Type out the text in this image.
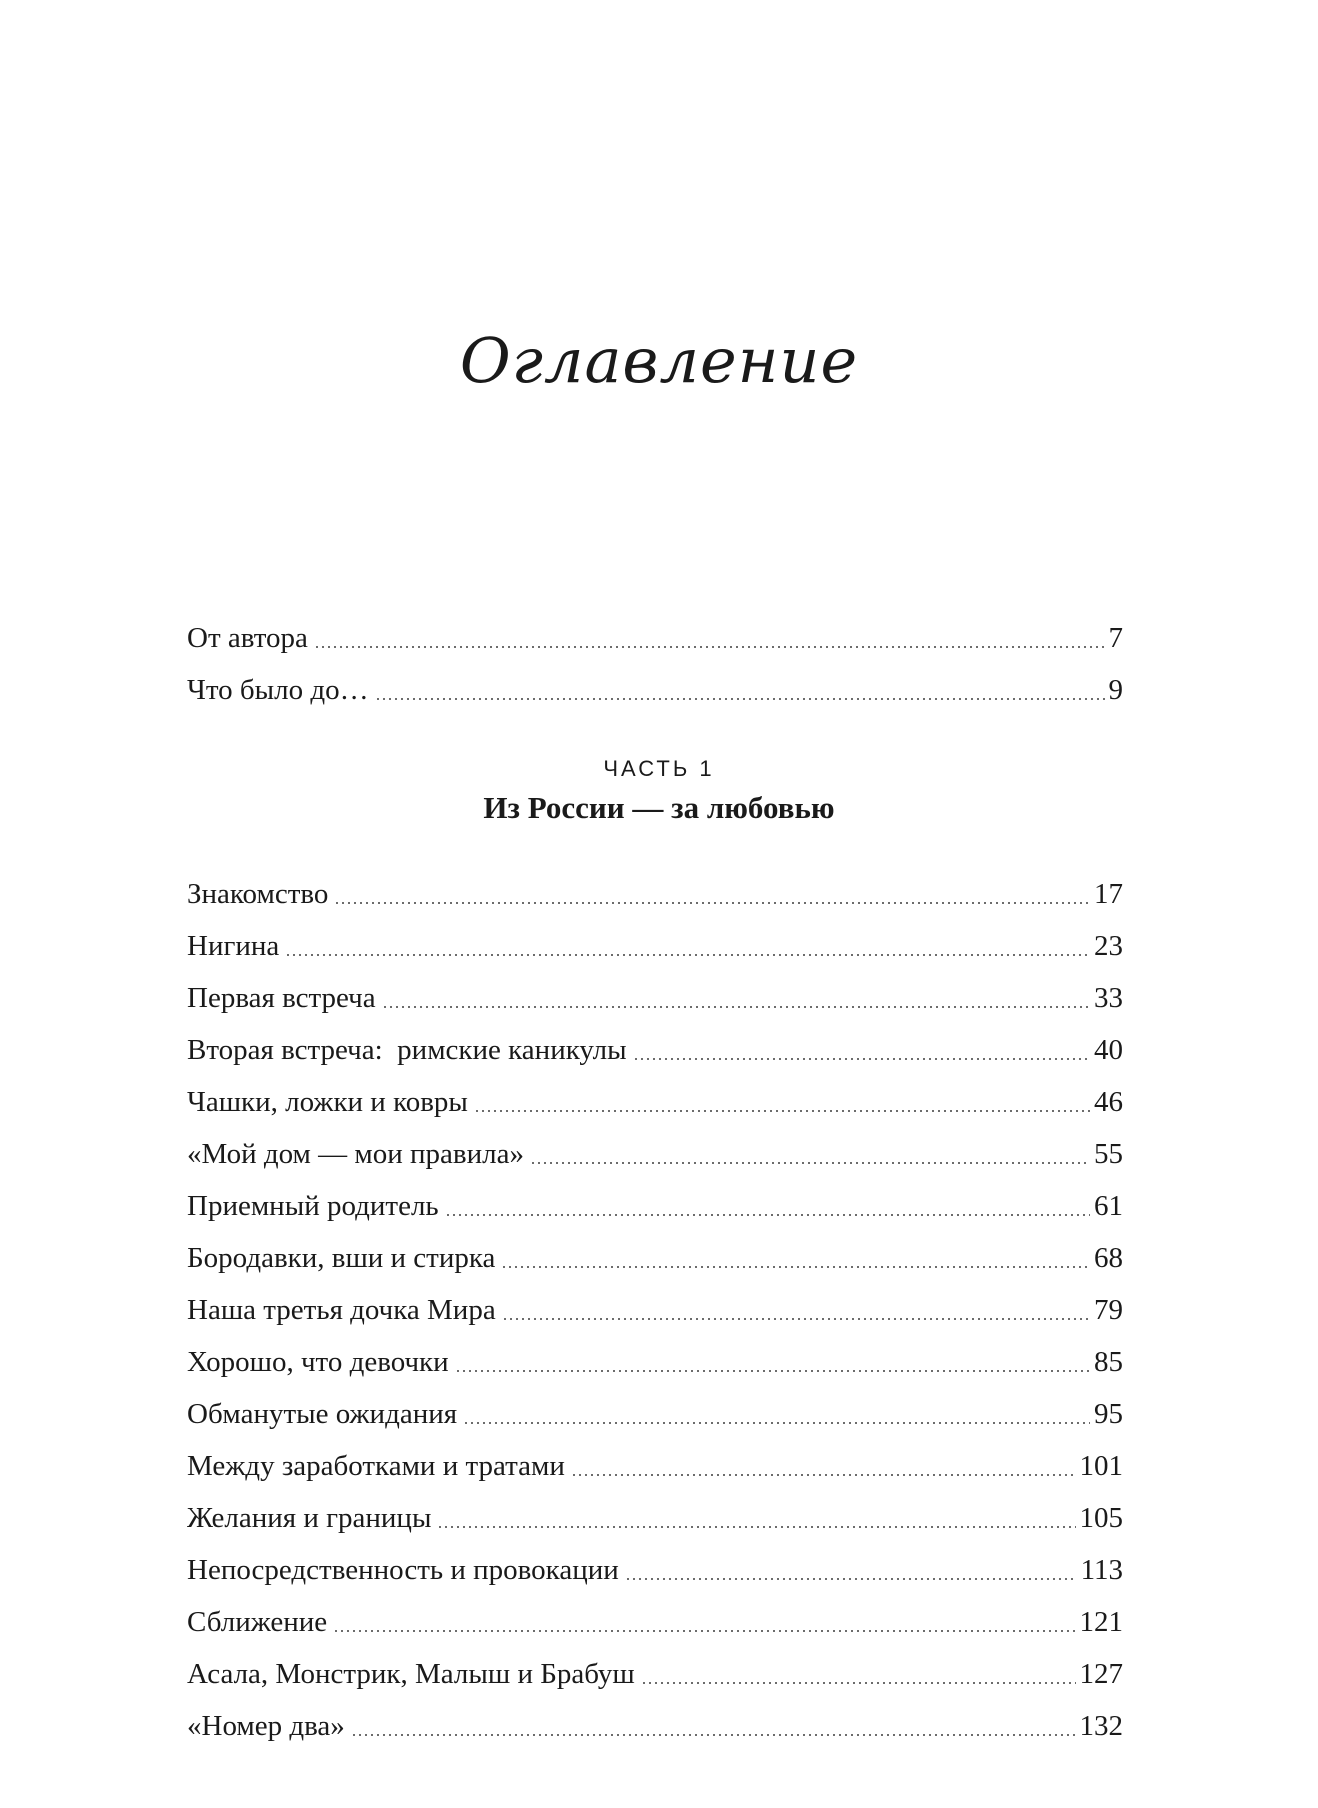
Оглавление
От автора	7
Что было до…	9
ЧАСТЬ 1
Из России — за любовью
Знакомство	17
Нигина	23
Первая встреча	33
Вторая встреча:  римские каникулы	40
Чашки, ложки и ковры	46
«Мой дом — мои правила»	55
Приемный родитель	61
Бородавки, вши и стирка	68
Наша третья дочка Мира	79
Хорошо, что девочки	85
Обманутые ожидания	95
Между заработками и тратами	101
Желания и границы	105
Непосредственность и провокации	113
Сближение	121
Асала, Монстрик, Малыш и Брабуш	127
«Номер два»	132
